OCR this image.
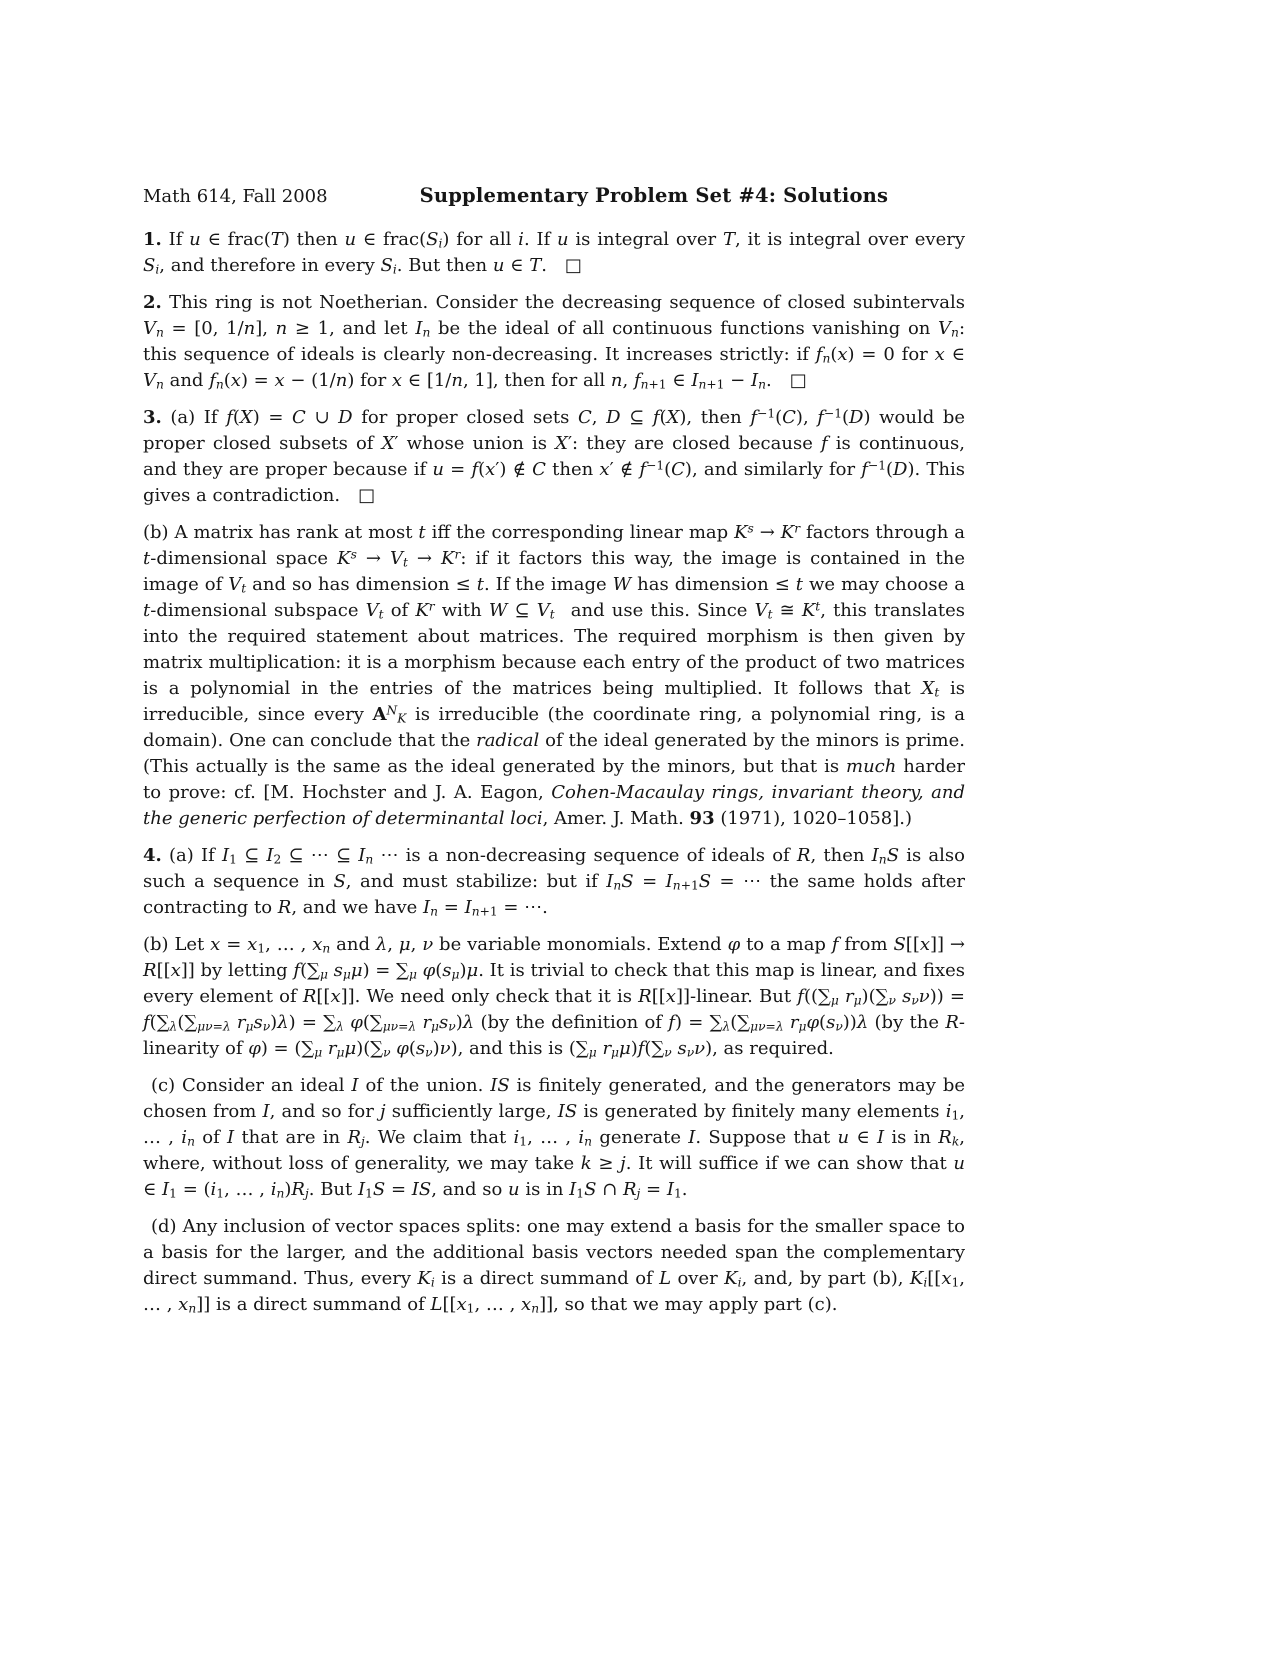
Math 614, Fall 2008	Supplementary Problem Set #4: Solutions

1. If u ∈ frac(T) then u ∈ $frac(S_i)$ for all i. If u is integral over T, it is integral over every $S_i$, and therefore in every $S_i$. But then u ∈ T. □

2. This ring is not Noetherian. Consider the decreasing sequence of closed subintervals $V_n = [0$, 1/n], n ≥ 1, and let $I_n$ be the ideal of all continuous functions vanishing on $V_n$: this sequence of ideals is clearly non-decreasing. It increases strictly: if $f_n(x) = 0$ for x ∈ $V_n$ and $f_n(x) = x - (1/n)$ for x ∈ [1/n, 1], then for all n, $f_{n+1}$ ∈ $I_{n+1} - I_n$. □

3. (a) If f(X) = C ∪ D for proper closed sets C, D ⊆ f(X), then $f^{-1}(C)$, $f^{-1}(D)$ would be proper closed subsets of X′ whose union is X′: they are closed because f is continuous, and they are proper because if u = f(x′) ∉ C then x′ ∉ $f^{-1}(C)$, and similarly for $f^{-1}(D)$. This gives a contradiction. □

(b) A matrix has rank at most t iff the corresponding linear map $K^s \to K^r$ factors through a t-dimensional space $K^s \to V_t \to K^r$: if it factors this way, the image is contained in the image of $V_t$ and so has dimension ≤ t. If the image W has dimension ≤ t we may choose a t-dimensional subspace $V_t$ of $K^r$ with W ⊆ $V_t$  and use this. Since $V_t$ ≅ $K^t$, this translates into the required statement about matrices. The required morphism is then given by matrix multiplication: it is a morphism because each entry of the product of two matrices is a polynomial in the entries of the matrices being multiplied. It follows that $X_t$ is irreducible, since every $A^N_K$ is irreducible (the coordinate ring, a polynomial ring, is a domain). One can conclude that the radical of the ideal generated by the minors is prime. (This actually is the same as the ideal generated by the minors, but that is much harder to prove: cf. [M. Hochster and J. A. Eagon, Cohen-Macaulay rings, invariant theory, and the generic perfection of determinantal loci, Amer. J. Math. 93 (1971), 1020–1058].)

4. (a) If $I_1$ ⊆ $I_2$ ⊆ ⋯ ⊆ $I_n$ ⋯ is a non-decreasing sequence of ideals of R, then $I_nS$ is also such a sequence in S, and must stabilize: but if $I_nS = I_{n+1}S$ = ⋯ the same holds after contracting to R, and we have $I_n = I_{n+1}$ = ⋯.

(b) Let $x = x_1$, … , $x_n$ and λ, μ, ν be variable monomials. Extend φ to a map f from S[[x]] → R[[x]] by letting $f(\sum_\mu$ $s_\mu\mu) = \sum_\mu$ $\varphi(s_\mu)\mu$. It is trivial to check that this map is linear, and fixes every element of R[[x]]. We need only check that it is R[[x]]-linear. But $f((\sum_\mu$ $r_\mu)(\sum_\nu$ $s_\nu\nu)) = f(\sum_\lambda(\sum_{\mu\nu=\lambda}$ $r_\mu s_\nu)\lambda) = \sum_\lambda$ $\varphi(\sum_{\mu\nu=\lambda}$ $r_\mu s_\nu)\lambda$ (by the definition of $f) = \sum_\lambda(\sum_{\mu\nu=\lambda}$ $r_\mu\varphi(s_\nu))\lambda$ (by the R-linearity of $\varphi) = (\sum_\mu$ $r_\mu\mu)(\sum_\nu$ $\varphi(s_\nu)\nu$), and this is ($\sum_\mu$ $r_\mu\mu)f(\sum_\nu$ $s_\nu\nu$), as required.

(c) Consider an ideal I of the union. IS is finitely generated, and the generators may be chosen from I, and so for j sufficiently large, IS is generated by finitely many elements $i_1$, … , $i_n$ of I that are in $R_j$. We claim that $i_1$, … , $i_n$ generate I. Suppose that u ∈ I is in $R_k$, where, without loss of generality, we may take k ≥ j. It will suffice if we can show that u ∈ $I_1 = (i_1$, … , $i_n)R_j$. But $I_1S$ = IS, and so u is in $I_1S$ ∩ $R_j = I_1$.

(d) Any inclusion of vector spaces splits: one may extend a basis for the smaller space to a basis for the larger, and the additional basis vectors needed span the complementary direct summand. Thus, every $K_i$ is a direct summand of L over $K_i$, and, by part (b), $K_i[[x_1$, … , $x_n$]] is a direct summand of $L[[x_1$, … , $x_n$]], so that we may apply part (c).
